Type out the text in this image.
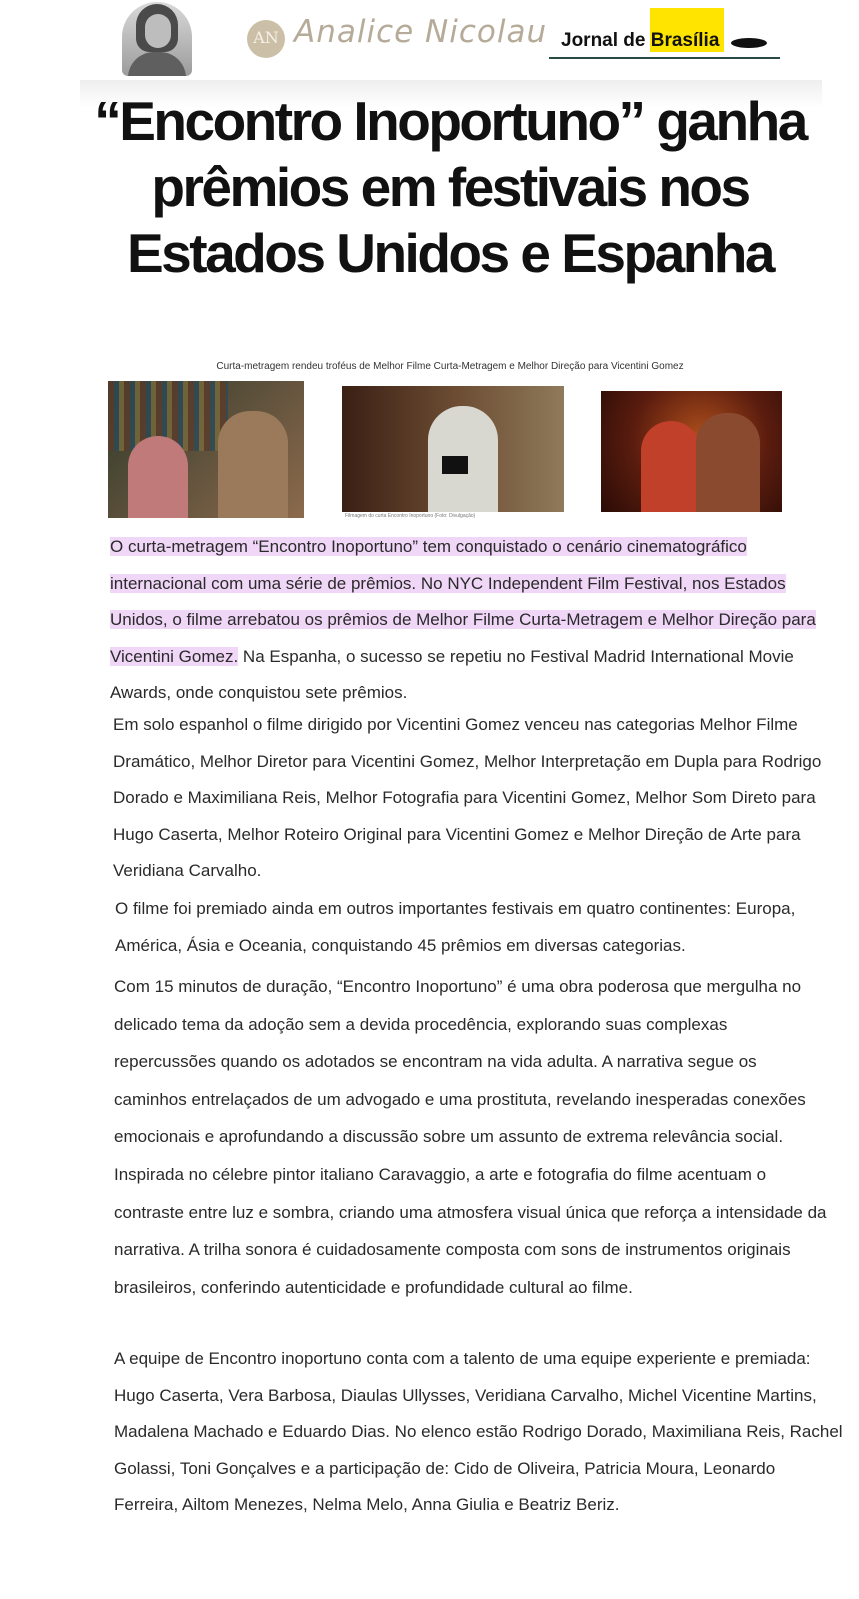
AN Analice Nicolau Jornal de Brasília
“Encontro Inoportuno” ganha prêmios em festivais nos Estados Unidos e Espanha
Curta-metragem rendeu troféus de Melhor Filme Curta-Metragem e Melhor Direção para Vicentini Gomez
Filmagem do curta Encontro Inoportuno (Foto: Divulgação)

O curta-metragem “Encontro Inoportuno” tem conquistado o cenário cinematográfico internacional com uma série de prêmios. No NYC Independent Film Festival, nos Estados Unidos, o filme arrebatou os prêmios de Melhor Filme Curta-Metragem e Melhor Direção para Vicentini Gomez. Na Espanha, o sucesso se repetiu no Festival Madrid International Movie Awards, onde conquistou sete prêmios.

Em solo espanhol o filme dirigido por Vicentini Gomez venceu nas categorias Melhor Filme Dramático, Melhor Diretor para Vicentini Gomez, Melhor Interpretação em Dupla para Rodrigo Dorado e Maximiliana Reis, Melhor Fotografia para Vicentini Gomez, Melhor Som Direto para Hugo Caserta, Melhor Roteiro Original para Vicentini Gomez e Melhor Direção de Arte para Veridiana Carvalho.

O filme foi premiado ainda em outros importantes festivais em quatro continentes: Europa, América, Ásia e Oceania, conquistando 45 prêmios em diversas categorias.

Com 15 minutos de duração, “Encontro Inoportuno” é uma obra poderosa que mergulha no delicado tema da adoção sem a devida procedência, explorando suas complexas repercussões quando os adotados se encontram na vida adulta. A narrativa segue os caminhos entrelaçados de um advogado e uma prostituta, revelando inesperadas conexões emocionais e aprofundando a discussão sobre um assunto de extrema relevância social. Inspirada no célebre pintor italiano Caravaggio, a arte e fotografia do filme acentuam o contraste entre luz e sombra, criando uma atmosfera visual única que reforça a intensidade da narrativa. A trilha sonora é cuidadosamente composta com sons de instrumentos originais brasileiros, conferindo autenticidade e profundidade cultural ao filme.

A equipe de Encontro inoportuno conta com a talento de uma equipe experiente e premiada: Hugo Caserta, Vera Barbosa, Diaulas Ullysses, Veridiana Carvalho, Michel Vicentine Martins, Madalena Machado e Eduardo Dias. No elenco estão Rodrigo Dorado, Maximiliana Reis, Rachel Golassi, Toni Gonçalves e a participação de: Cido de Oliveira, Patricia Moura, Leonardo Ferreira, Ailtom Menezes, Nelma Melo, Anna Giulia e Beatriz Beriz.
